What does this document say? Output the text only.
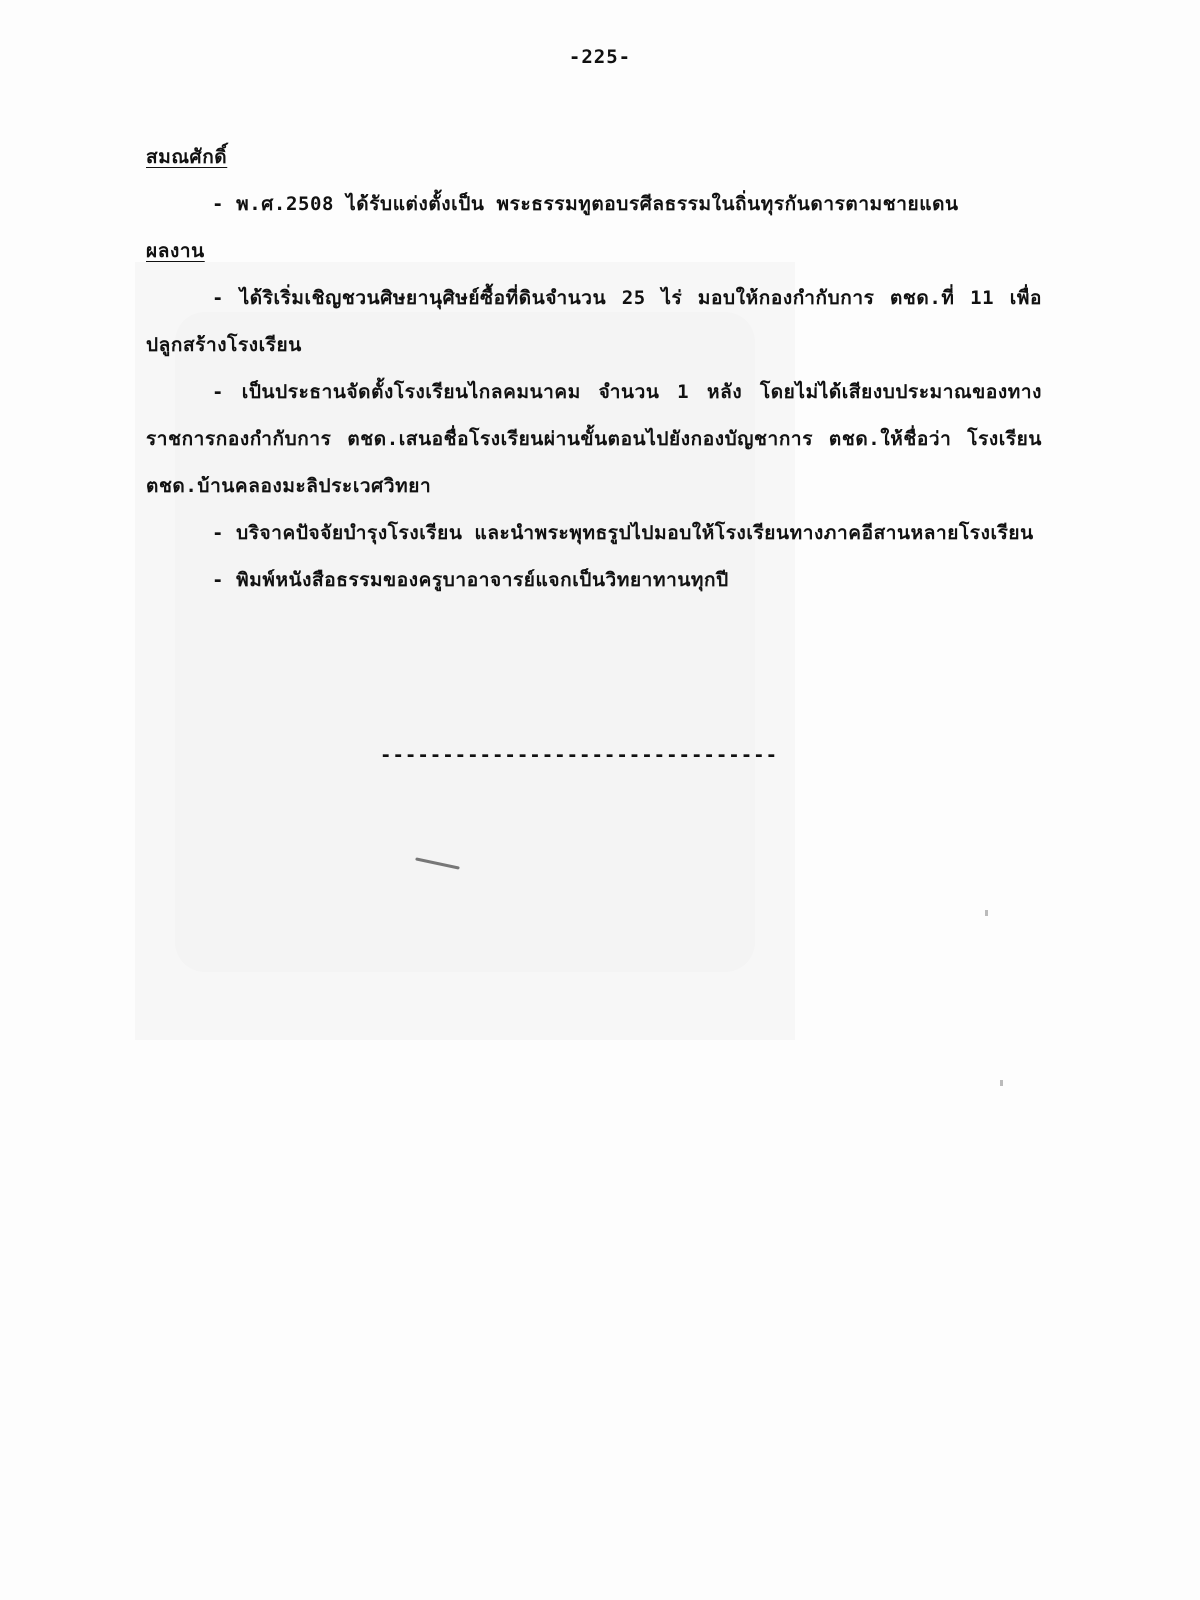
-225-

สมณศักดิ์

- พ.ศ.2508 ได้รับแต่งตั้งเป็น พระธรรมทูตอบรศีลธรรมในถิ่นทุรกันดารตามชายแดน

ผลงาน

- ได้ริเริ่มเชิญชวนศิษยานุศิษย์ซื้อที่ดินจำนวน 25 ไร่ มอบให้กองกำกับการ ตชด.ที่ 11 เพื่อปลูกสร้างโรงเรียน

- เป็นประธานจัดตั้งโรงเรียนไกลคมนาคม จำนวน 1 หลัง โดยไม่ได้เสียงบประมาณของทางราชการกองกำกับการ ตชด.เสนอชื่อโรงเรียนผ่านขั้นตอนไปยังกองบัญชาการ ตชด.ให้ชื่อว่า โรงเรียน ตชด.บ้านคลองมะลิประเวศวิทยา

- บริจาคปัจจัยบำรุงโรงเรียน และนำพระพุทธรูปไปมอบให้โรงเรียนทางภาคอีสานหลายโรงเรียน

- พิมพ์หนังสือธรรมของครูบาอาจารย์แจกเป็นวิทยาทานทุกปี

--------------------------------
